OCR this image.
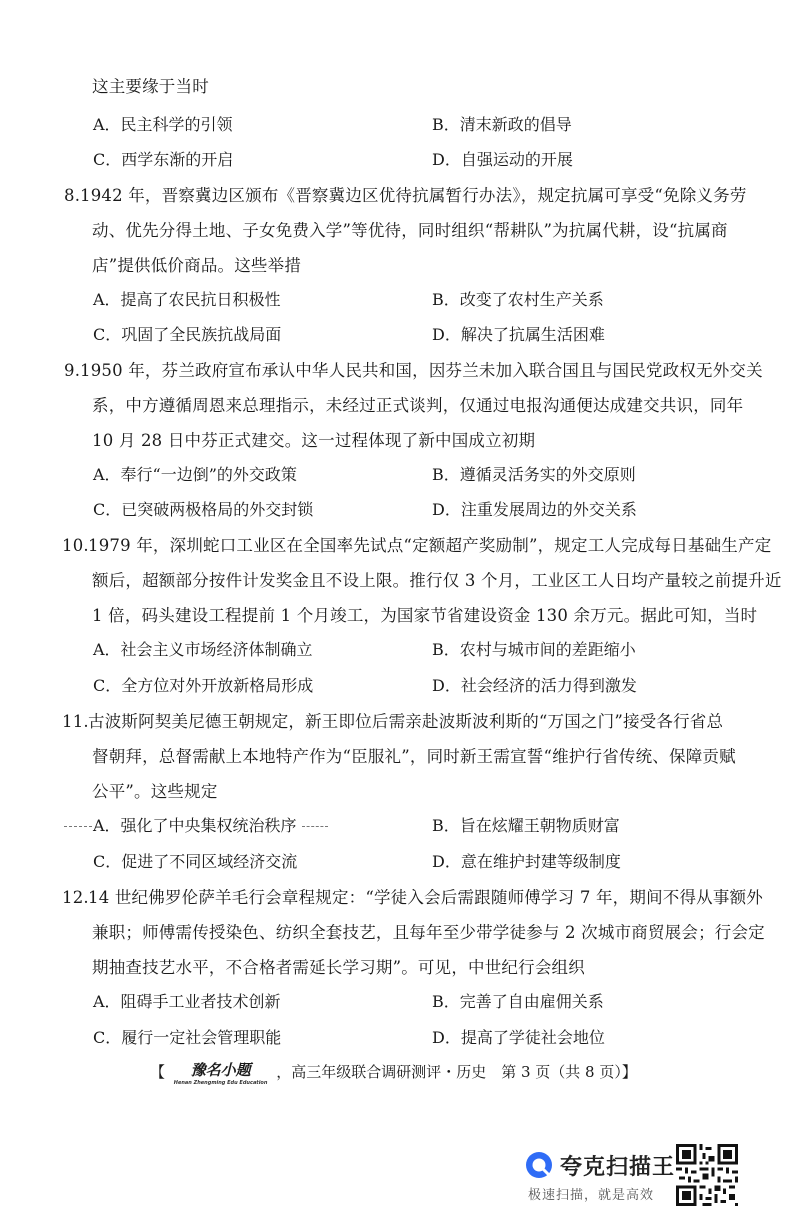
这主要缘于当时
A．民主科学的引领	B．清末新政的倡导
C．西学东渐的开启	D．自强运动的开展
8. 1942 年，晋察冀边区颁布《晋察冀边区优待抗属暂行办法》，规定抗属可享受“免除义务劳
动、优先分得土地、子女免费入学”等优待，同时组织“帮耕队”为抗属代耕，设“抗属商
店”提供低价商品。这些举措
A．提高了农民抗日积极性	B．改变了农村生产关系
C．巩固了全民族抗战局面	D．解决了抗属生活困难
9. 1950 年，芬兰政府宣布承认中华人民共和国，因芬兰未加入联合国且与国民党政权无外交关
系，中方遵循周恩来总理指示，未经过正式谈判，仅通过电报沟通便达成建交共识，同年
10 月 28 日中芬正式建交。这一过程体现了新中国成立初期
A．奉行“一边倒”的外交政策	B．遵循灵活务实的外交原则
C．已突破两极格局的外交封锁	D．注重发展周边的外交关系
10. 1979 年，深圳蛇口工业区在全国率先试点“定额超产奖励制”，规定工人完成每日基础生产定
额后，超额部分按件计发奖金且不设上限。推行仅 3 个月，工业区工人日均产量较之前提升近
1 倍，码头建设工程提前 1 个月竣工，为国家节省建设资金 130 余万元。据此可知，当时
A．社会主义市场经济体制确立	B．农村与城市间的差距缩小
C．全方位对外开放新格局形成	D．社会经济的活力得到激发
11. 古波斯阿契美尼德王朝规定，新王即位后需亲赴波斯波利斯的“万国之门”接受各行省总
督朝拜，总督需献上本地特产作为“臣服礼”，同时新王需宣誓“维护行省传统、保障贡赋
公平”。这些规定
A．强化了中央集权统治秩序	B．旨在炫耀王朝物质财富
C．促进了不同区域经济交流	D．意在维护封建等级制度
12. 14 世纪佛罗伦萨羊毛行会章程规定：“学徒入会后需跟随师傅学习 7 年，期间不得从事额外
兼职；师傅需传授染色、纺织全套技艺，且每年至少带学徒参与 2 次城市商贸展会；行会定
期抽查技艺水平，不合格者需延长学习期”。可见，中世纪行会组织
A．阻碍手工业者技术创新	B．完善了自由雇佣关系
C．履行一定社会管理职能	D．提高了学徒社会地位
【 豫名小题
Henan Zhengming Edu Education
，高三年级联合调研测评・历史　第 3 页（共 8 页）】
夸克扫描王
极速扫描，就是高效
